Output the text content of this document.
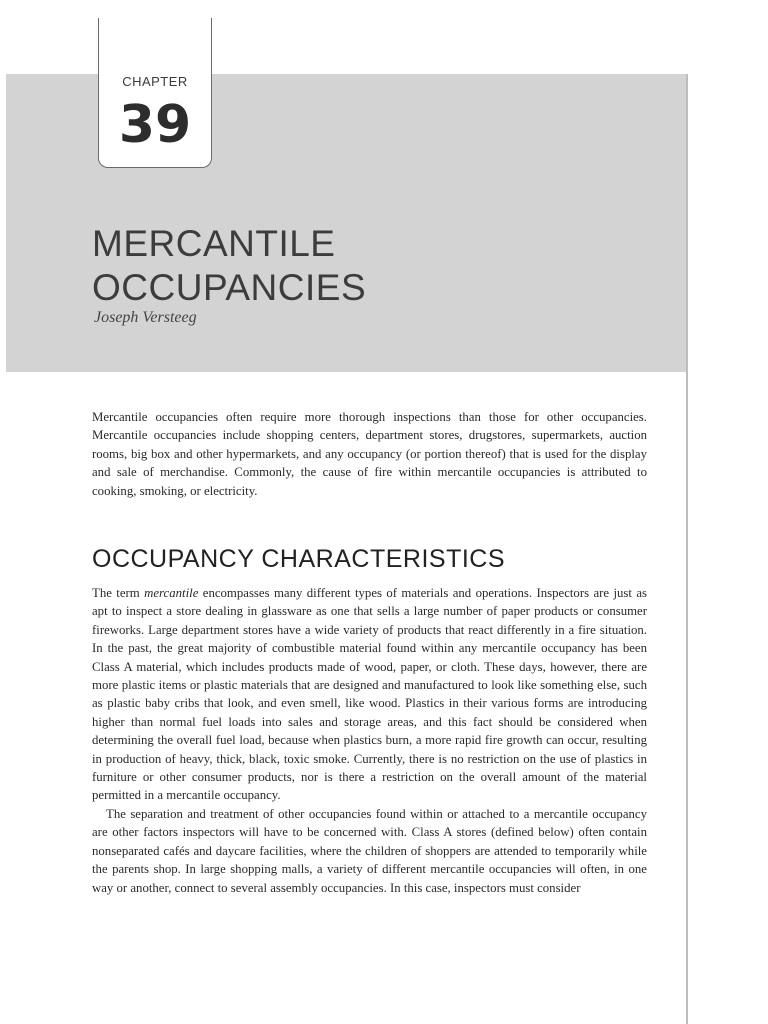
CHAPTER
39
MERCANTILE
OCCUPANCIES
Joseph Versteeg
Mercantile occupancies often require more thorough inspections than those for other occupancies. Mercantile occupancies include shopping centers, department stores, drugstores, supermarkets, auction rooms, big box and other hypermarkets, and any occupancy (or portion thereof) that is used for the display and sale of merchandise. Commonly, the cause of fire within mercantile occupancies is attributed to cooking, smoking, or electricity.
OCCUPANCY CHARACTERISTICS

The term mercantile encompasses many different types of materials and operations. Inspectors are just as apt to inspect a store dealing in glassware as one that sells a large number of paper products or consumer fireworks. Large department stores have a wide variety of products that react differently in a fire situation. In the past, the great majority of combustible material found within any mercantile occupancy has been Class A material, which includes products made of wood, paper, or cloth. These days, however, there are more plastic items or plastic materials that are designed and manufactured to look like something else, such as plastic baby cribs that look, and even smell, like wood. Plastics in their various forms are introducing higher than normal fuel loads into sales and storage areas, and this fact should be considered when determining the overall fuel load, because when plastics burn, a more rapid fire growth can occur, resulting in production of heavy, thick, black, toxic smoke. Currently, there is no restriction on the use of plastics in furniture or other consumer products, nor is there a restriction on the overall amount of the material permitted in a mercantile occupancy.

The separation and treatment of other occupancies found within or attached to a mercantile occupancy are other factors inspectors will have to be concerned with. Class A stores (defined below) often contain nonseparated cafés and daycare facilities, where the children of shoppers are attended to temporarily while the parents shop. In large shopping malls, a variety of different mercantile occupancies will often, in one way or another, connect to several assembly occupancies. In this case, inspectors must consider
